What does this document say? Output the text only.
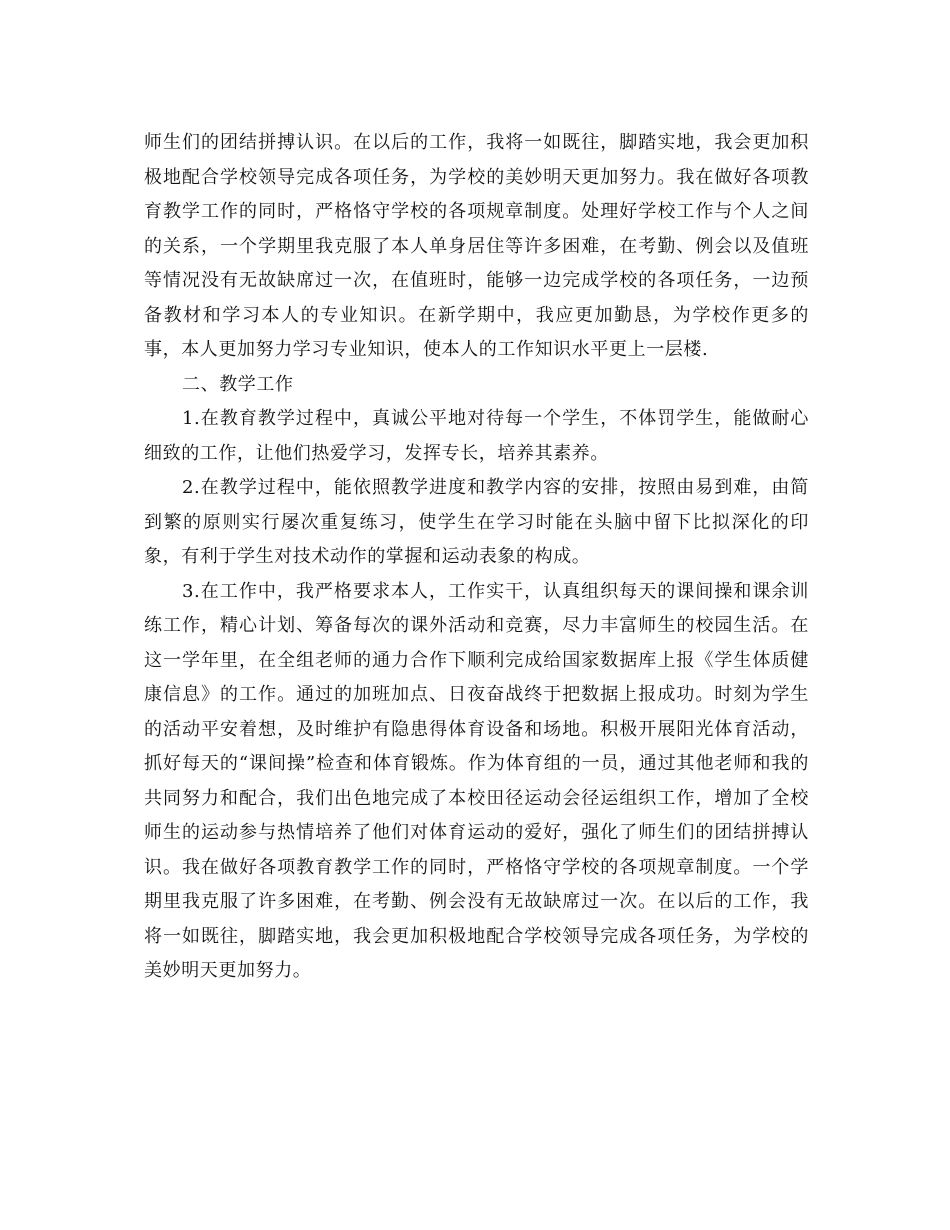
师生们的团结拼搏认识。在以后的工作，我将一如既往，脚踏实地，我会更加积极地配合学校领导完成各项任务，为学校的美妙明天更加努力。我在做好各项教育教学工作的同时，严格恪守学校的各项规章制度。处理好学校工作与个人之间的关系，一个学期里我克服了本人单身居住等许多困难，在考勤、例会以及值班等情况没有无故缺席过一次，在值班时，能够一边完成学校的各项任务，一边预备教材和学习本人的专业知识。在新学期中，我应更加勤恳，为学校作更多的事，本人更加努力学习专业知识，使本人的工作知识水平更上一层楼.

二、教学工作

1.在教育教学过程中，真诚公平地对待每一个学生，不体罚学生，能做耐心细致的工作，让他们热爱学习，发挥专长，培养其素养。

2.在教学过程中，能依照教学进度和教学内容的安排，按照由易到难，由简到繁的原则实行屡次重复练习，使学生在学习时能在头脑中留下比拟深化的印象，有利于学生对技术动作的掌握和运动表象的构成。

3.在工作中，我严格要求本人，工作实干，认真组织每天的课间操和课余训练工作，精心计划、筹备每次的课外活动和竞赛，尽力丰富师生的校园生活。在这一学年里，在全组老师的通力合作下顺利完成给国家数据库上报《学生体质健康信息》的工作。通过的加班加点、日夜奋战终于把数据上报成功。时刻为学生的活动平安着想，及时维护有隐患得体育设备和场地。积极开展阳光体育活动，抓好每天的“课间操”检查和体育锻炼。作为体育组的一员，通过其他老师和我的共同努力和配合，我们出色地完成了本校田径运动会径运组织工作，增加了全校师生的运动参与热情培养了他们对体育运动的爱好，强化了师生们的团结拼搏认识。我在做好各项教育教学工作的同时，严格恪守学校的各项规章制度。一个学期里我克服了许多困难，在考勤、例会没有无故缺席过一次。在以后的工作，我将一如既往，脚踏实地，我会更加积极地配合学校领导完成各项任务，为学校的美妙明天更加努力。
